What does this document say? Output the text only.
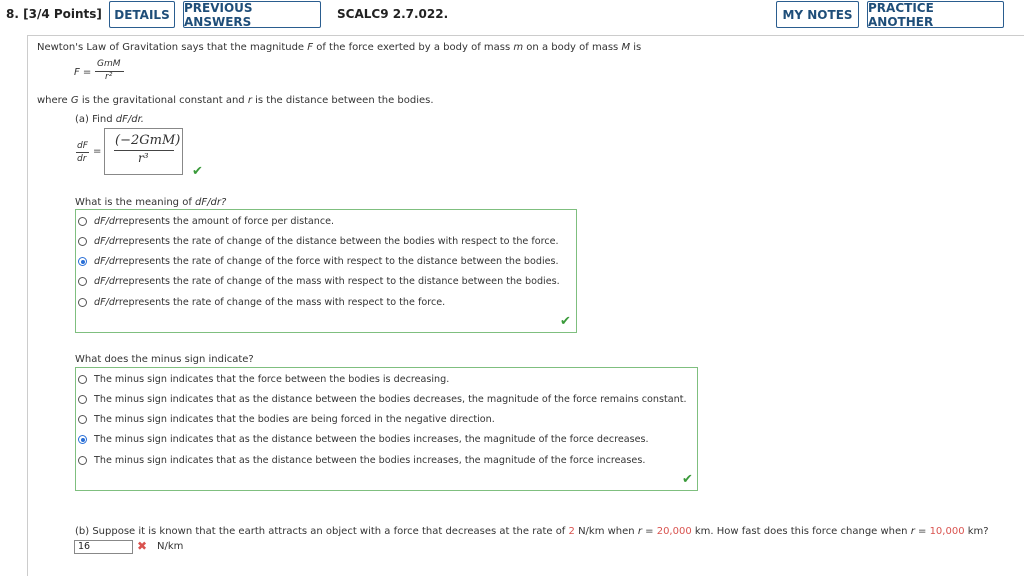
8. [3/4 Points]	DETAILS	PREVIOUS ANSWERS
SCALC9 2.7.022.	MY NOTES	PRACTICE ANOTHER
Newton's Law of Gravitation says that the magnitude F of the force exerted by a body of mass m on a body of mass M is
F =
GmM
r²
where G is the gravitational constant and r is the distance between the bodies.
(a) Find dF/dr.
dF
dr
=
(−2GmM)
r³
✔
What is the meaning of dF/dr?
dF/dr represents the amount of force per distance.
dF/dr represents the rate of change of the distance between the bodies with respect to the force.
dF/dr represents the rate of change of the force with respect to the distance between the bodies.
dF/dr represents the rate of change of the mass with respect to the distance between the bodies.
dF/dr represents the rate of change of the mass with respect to the force.
✔
What does the minus sign indicate?
The minus sign indicates that the force between the bodies is decreasing.
The minus sign indicates that as the distance between the bodies decreases, the magnitude of the force remains constant.
The minus sign indicates that the bodies are being forced in the negative direction.
The minus sign indicates that as the distance between the bodies increases, the magnitude of the force decreases.
The minus sign indicates that as the distance between the bodies increases, the magnitude of the force increases.
✔
(b) Suppose it is known that the earth attracts an object with a force that decreases at the rate of 2 N/km when r = 20,000 km. How fast does this force change when r = 10,000 km?
16	✖ N/km
